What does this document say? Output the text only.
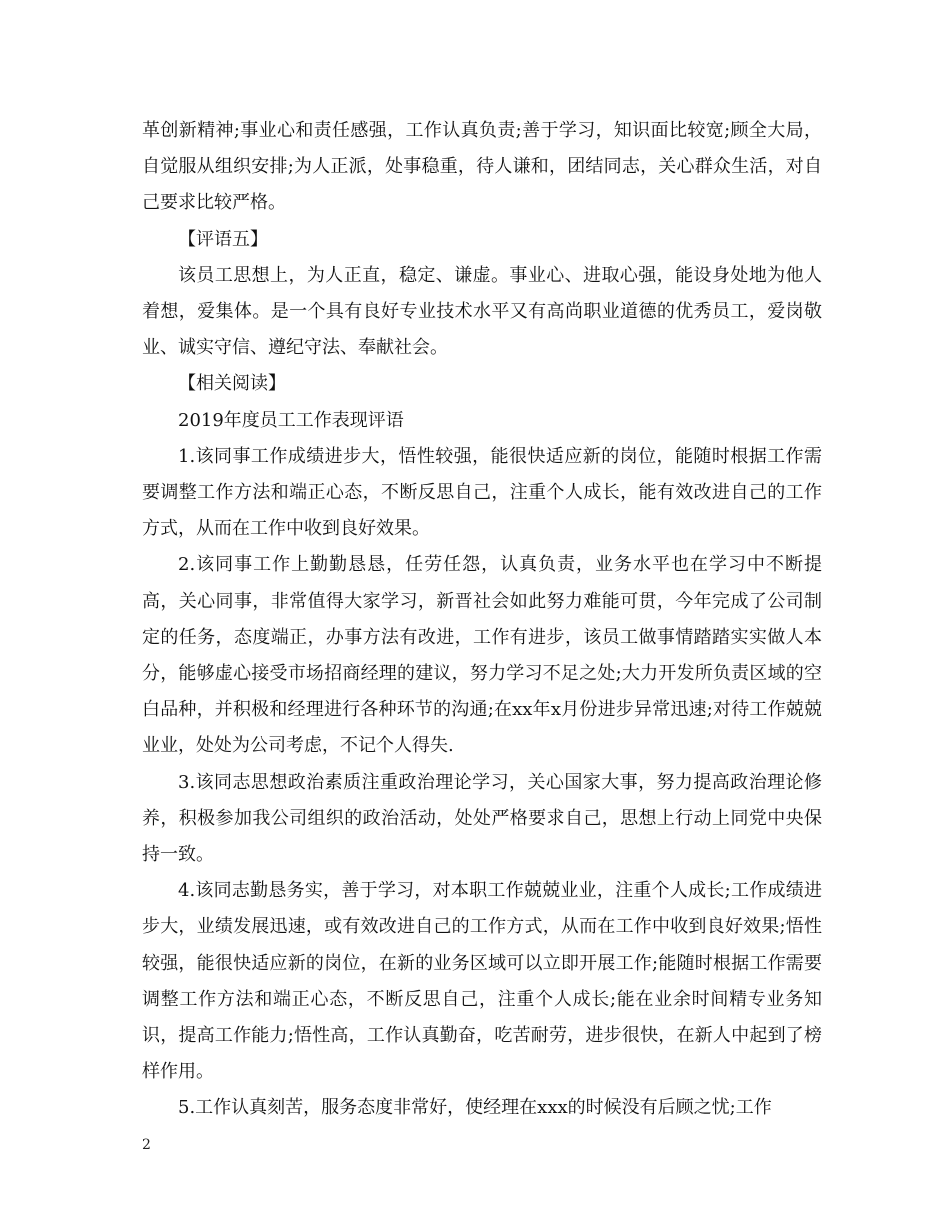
革创新精神;事业心和责任感强，工作认真负责;善于学习，知识面比较宽;顾全大局，自觉服从组织安排;为人正派，处事稳重，待人谦和，团结同志，关心群众生活，对自己要求比较严格。

【评语五】

该员工思想上，为人正直，稳定、谦虚。事业心、进取心强，能设身处地为他人着想，爱集体。是一个具有良好专业技术水平又有高尚职业道德的优秀员工，爱岗敬业、诚实守信、遵纪守法、奉献社会。

【相关阅读】

2019年度员工工作表现评语

1.该同事工作成绩进步大，悟性较强，能很快适应新的岗位，能随时根据工作需要调整工作方法和端正心态，不断反思自己，注重个人成长，能有效改进自己的工作方式，从而在工作中收到良好效果。

2.该同事工作上勤勤恳恳，任劳任怨，认真负责，业务水平也在学习中不断提高，关心同事，非常值得大家学习，新晋社会如此努力难能可贯，今年完成了公司制定的任务，态度端正，办事方法有改进，工作有进步，该员工做事情踏踏实实做人本分，能够虚心接受市场招商经理的建议，努力学习不足之处;大力开发所负责区域的空白品种，并积极和经理进行各种环节的沟通;在xx年x月份进步异常迅速;对待工作兢兢业业，处处为公司考虑，不记个人得失.

3.该同志思想政治素质注重政治理论学习，关心国家大事，努力提高政治理论修养，积极参加我公司组织的政治活动，处处严格要求自己，思想上行动上同党中央保持一致。

4.该同志勤恳务实，善于学习，对本职工作兢兢业业，注重个人成长;工作成绩进步大，业绩发展迅速，或有效改进自己的工作方式，从而在工作中收到良好效果;悟性较强，能很快适应新的岗位，在新的业务区域可以立即开展工作;能随时根据工作需要调整工作方法和端正心态，不断反思自己，注重个人成长;能在业余时间精专业务知识，提高工作能力;悟性高，工作认真勤奋，吃苦耐劳，进步很快，在新人中起到了榜样作用。

5.工作认真刻苦，服务态度非常好，使经理在xxx的时候没有后顾之忧;工作

2
